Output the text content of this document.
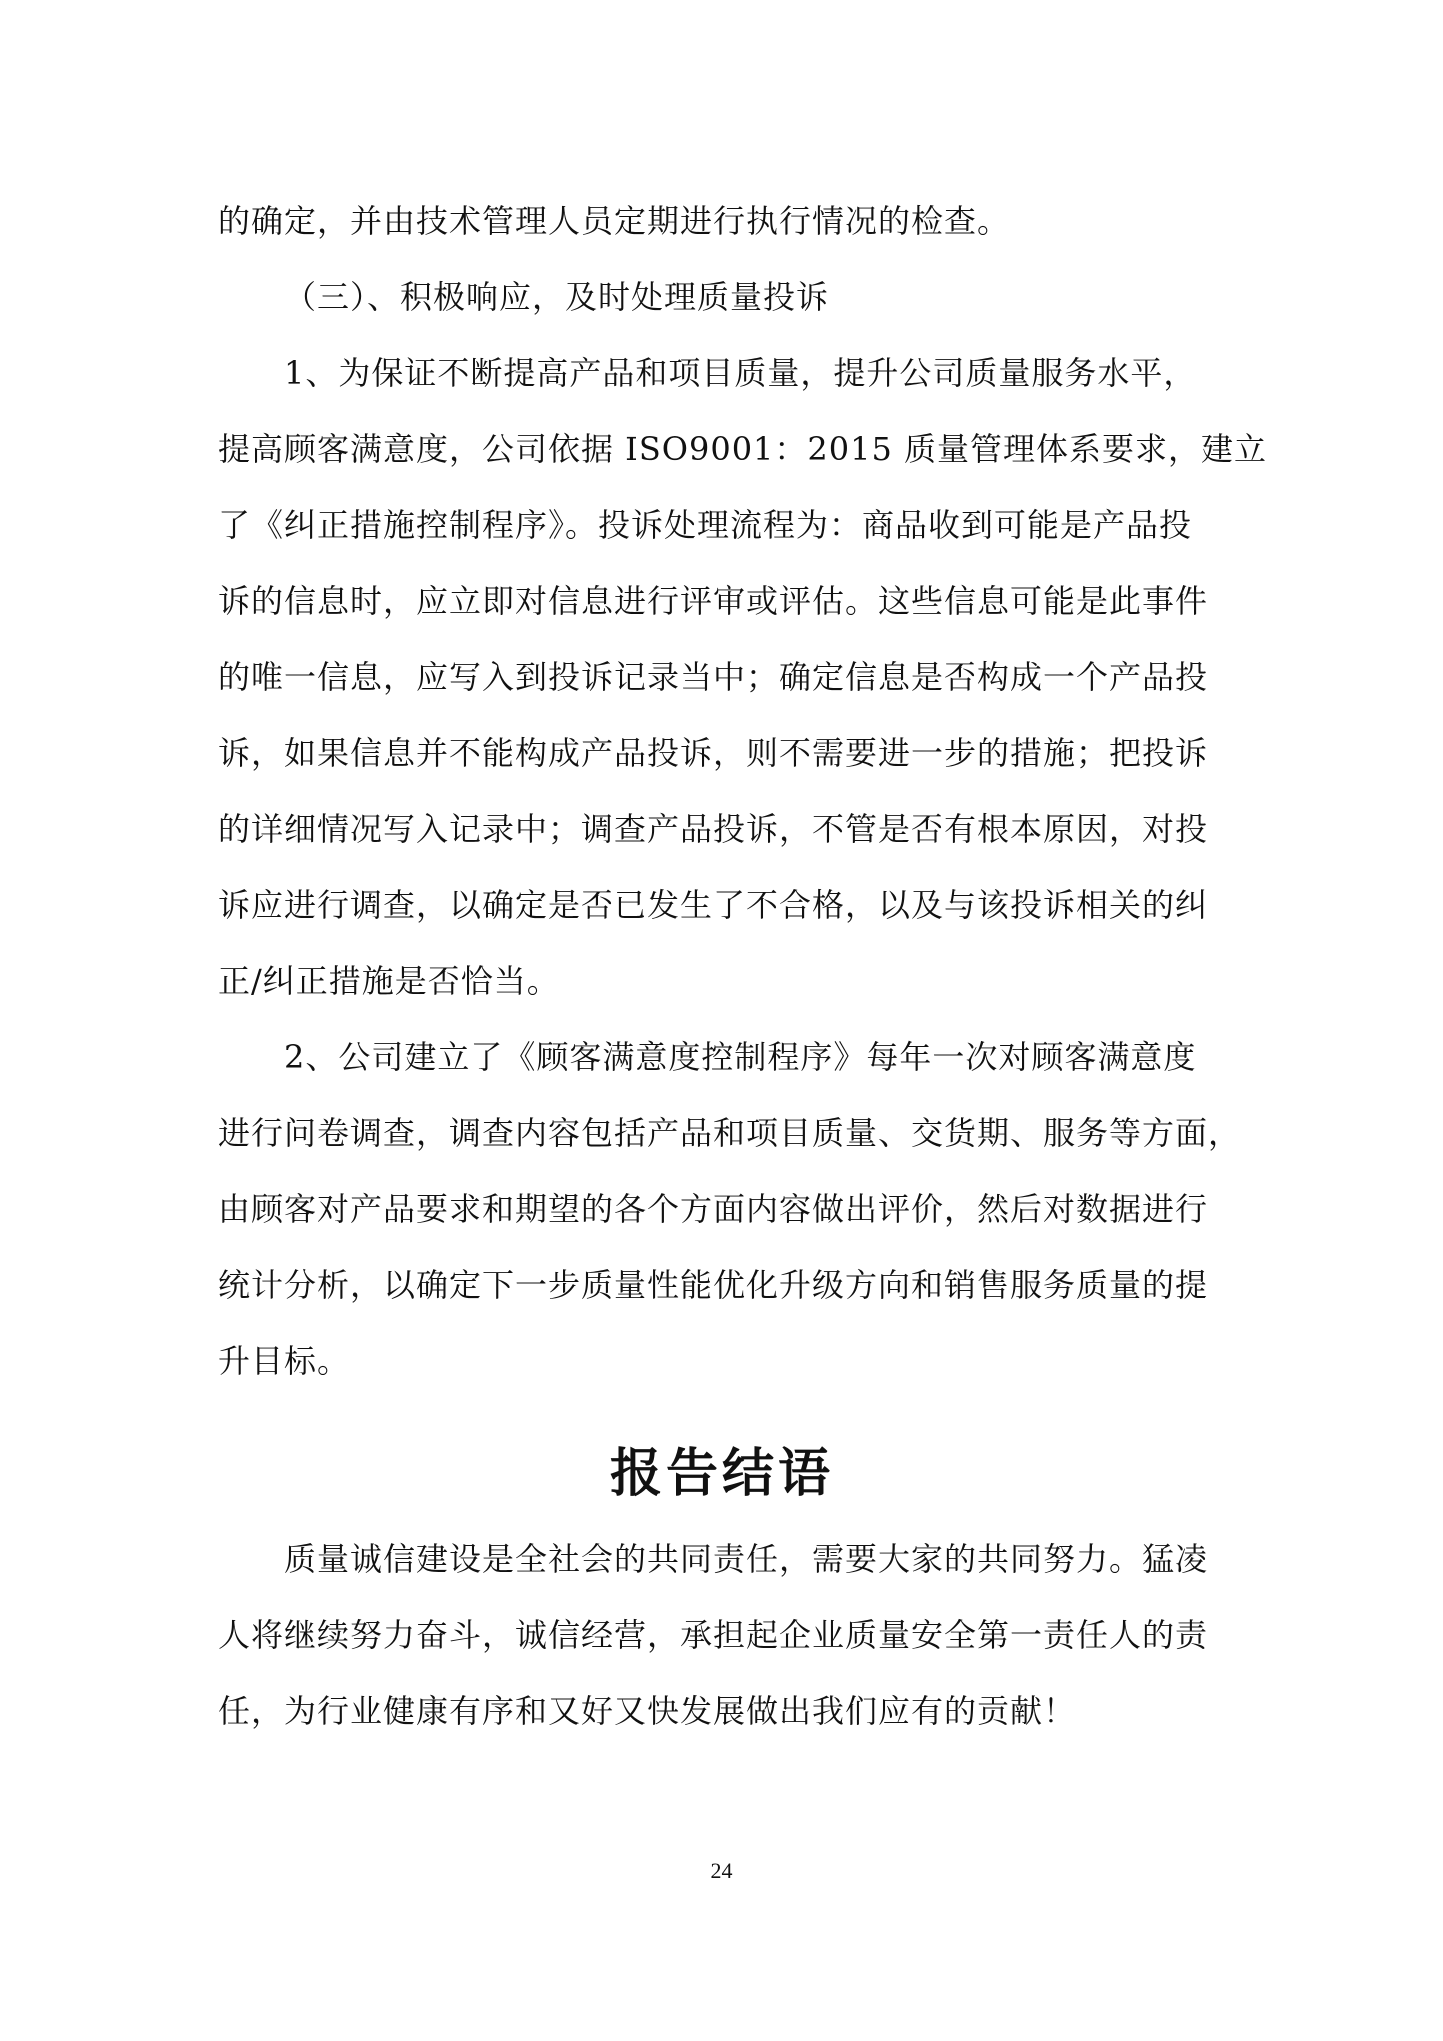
的确定，并由技术管理人员定期进行执行情况的检查。
（三）、积极响应，及时处理质量投诉
1、为保证不断提高产品和项目质量，提升公司质量服务水平，
提高顾客满意度，公司依据 ISO9001：2015 质量管理体系要求，建立
了《纠正措施控制程序》。投诉处理流程为：商品收到可能是产品投
诉的信息时，应立即对信息进行评审或评估。这些信息可能是此事件
的唯一信息，应写入到投诉记录当中；确定信息是否构成一个产品投
诉，如果信息并不能构成产品投诉，则不需要进一步的措施；把投诉
的详细情况写入记录中；调查产品投诉，不管是否有根本原因，对投
诉应进行调查，以确定是否已发生了不合格，以及与该投诉相关的纠
正/纠正措施是否恰当。
2、公司建立了《顾客满意度控制程序》每年一次对顾客满意度
进行问卷调查，调查内容包括产品和项目质量、交货期、服务等方面，
由顾客对产品要求和期望的各个方面内容做出评价，然后对数据进行
统计分析，以确定下一步质量性能优化升级方向和销售服务质量的提
升目标。
报告结语
质量诚信建设是全社会的共同责任，需要大家的共同努力。猛凌
人将继续努力奋斗，诚信经营，承担起企业质量安全第一责任人的责
任，为行业健康有序和又好又快发展做出我们应有的贡献！
24
